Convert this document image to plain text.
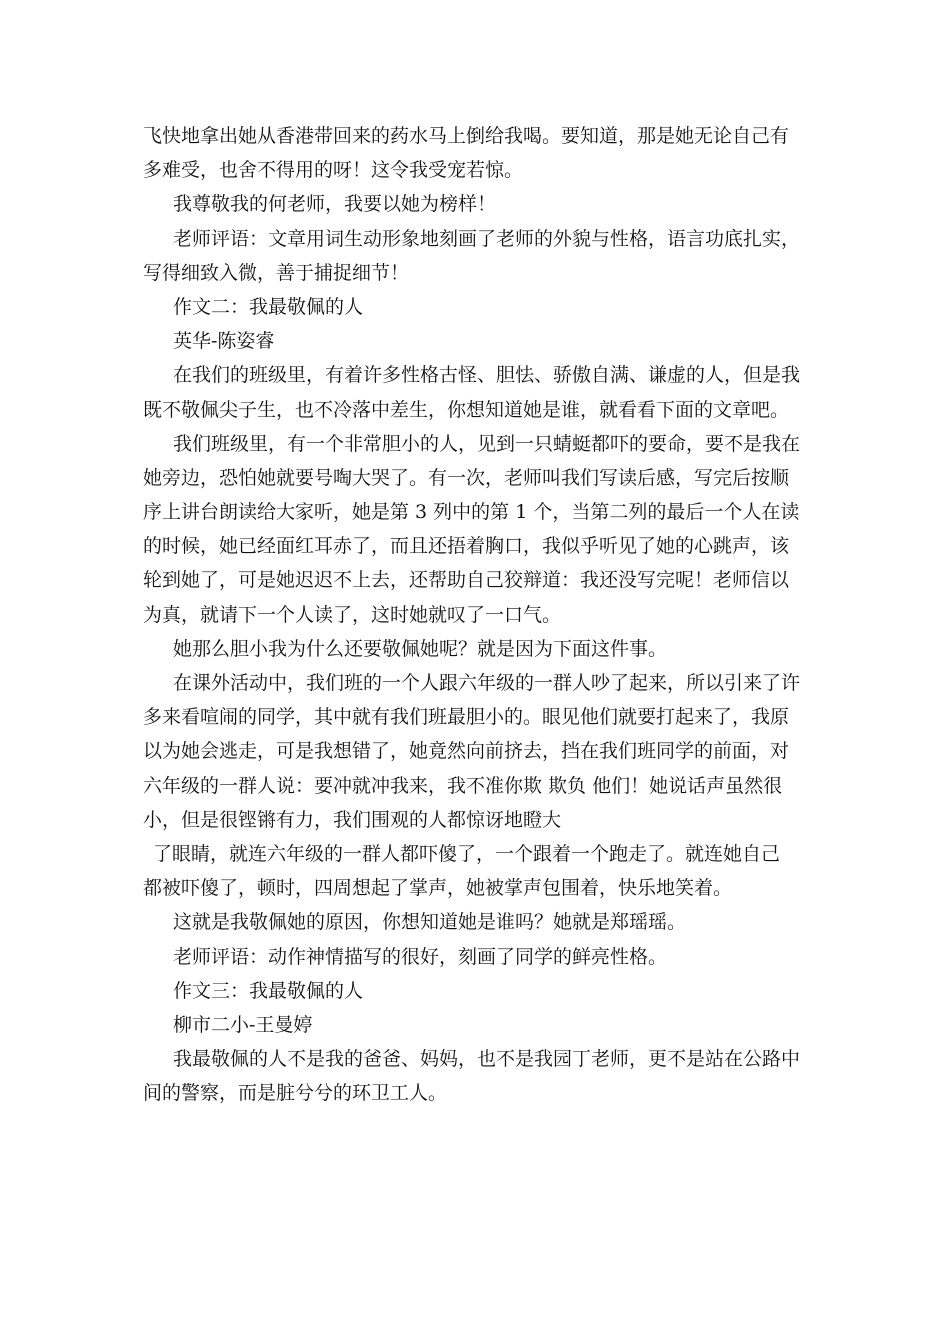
飞快地拿出她从香港带回来的药水马上倒给我喝。要知道，那是她无论自己有
多难受，也舍不得用的呀！这令我受宠若惊。
我尊敬我的何老师，我要以她为榜样！
老师评语：文章用词生动形象地刻画了老师的外貌与性格，语言功底扎实，
写得细致入微，善于捕捉细节！
作文二：我最敬佩的人
英华-陈姿睿
在我们的班级里，有着许多性格古怪、胆怯、骄傲自满、谦虚的人，但是我
既不敬佩尖子生，也不冷落中差生，你想知道她是谁，就看看下面的文章吧。
我们班级里，有一个非常胆小的人，见到一只蜻蜓都吓的要命，要不是我在
她旁边，恐怕她就要号啕大哭了。有一次，老师叫我们写读后感，写完后按顺
序上讲台朗读给大家听，她是第 3 列中的第 1 个，当第二列的最后一个人在读
的时候，她已经面红耳赤了，而且还捂着胸口，我似乎听见了她的心跳声，该
轮到她了，可是她迟迟不上去，还帮助自己狡辩道：我还没写完呢！老师信以
为真，就请下一个人读了，这时她就叹了一口气。
她那么胆小我为什么还要敬佩她呢？就是因为下面这件事。
在课外活动中，我们班的一个人跟六年级的一群人吵了起来，所以引来了许
多来看喧闹的同学，其中就有我们班最胆小的。眼见他们就要打起来了，我原
以为她会逃走，可是我想错了，她竟然向前挤去，挡在我们班同学的前面，对
六年级的一群人说：要冲就冲我来，我不准你欺 欺负 他们！她说话声虽然很
小，但是很铿锵有力，我们围观的人都惊讶地瞪大
了眼睛，就连六年级的一群人都吓傻了，一个跟着一个跑走了。就连她自己
都被吓傻了，顿时，四周想起了掌声，她被掌声包围着，快乐地笑着。
这就是我敬佩她的原因，你想知道她是谁吗？她就是郑瑶瑶。
老师评语：动作神情描写的很好，刻画了同学的鲜亮性格。
作文三：我最敬佩的人
柳市二小-王曼婷
我最敬佩的人不是我的爸爸、妈妈，也不是我园丁老师，更不是站在公路中
间的警察，而是脏兮兮的环卫工人。
